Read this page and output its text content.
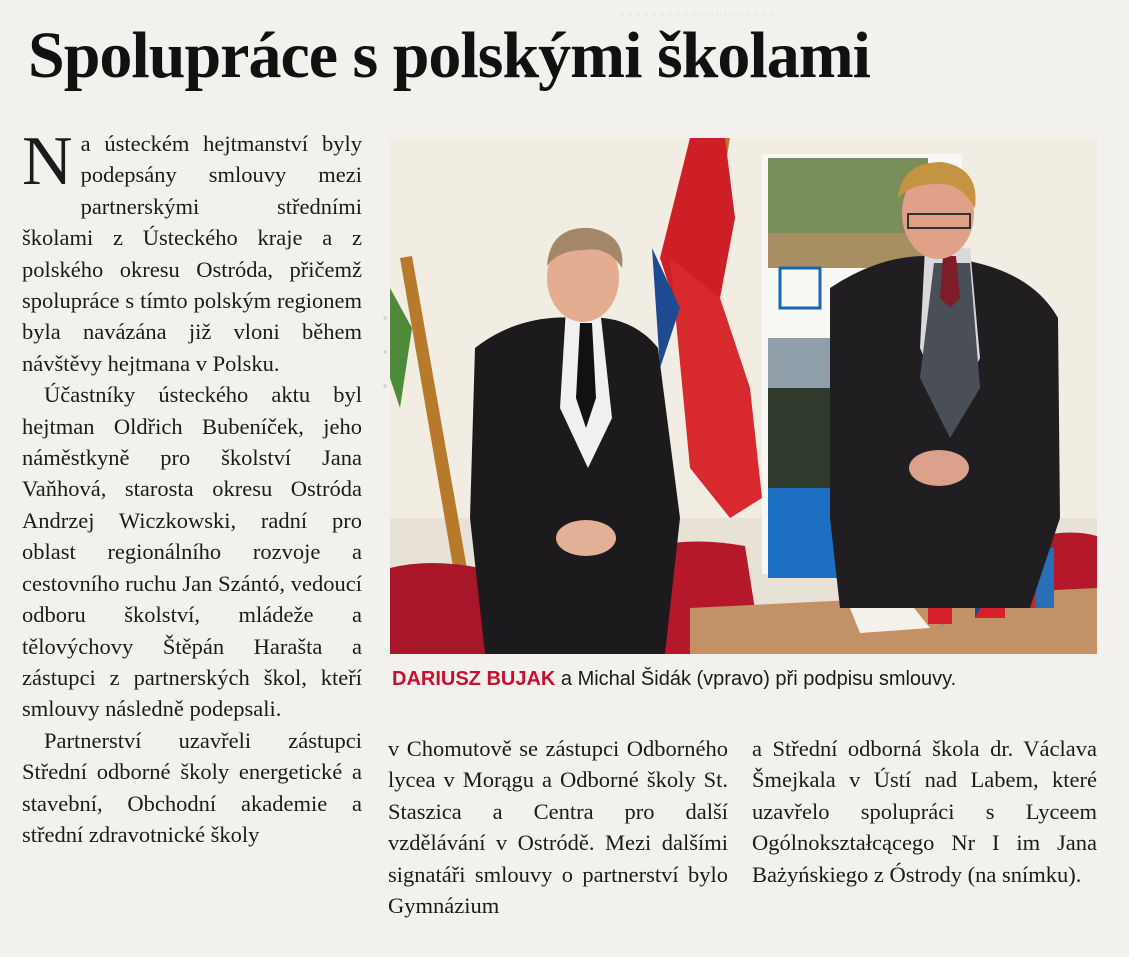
· · · · · · · · · · · · · · · · · · · ·
· ·
· · ·
Spolupráce s polskými školami

Na ústeckém hejtmanství byly podepsány smlouvy mezi partnerskými středními školami z Ústeckého kraje a z polského okresu Ostróda, přičemž spolupráce s tímto polským regionem byla navázána již vloni během návštěvy hejtmana v Polsku.

Účastníky ústeckého aktu byl hejtman Oldřich Bubeníček, jeho náměstkyně pro školství Jana Vaňhová, starosta okresu Ostróda Andrzej Wiczkowski, radní pro oblast regionálního rozvoje a cestovního ruchu Jan Szántó, vedoucí odboru školství, mládeže a tělovýchovy Štěpán Harašta a zástupci z partnerských škol, kteří smlouvy následně podepsali.

Partnerství uzavřeli zástupci Střední odborné školy energetické a stavební, Obchodní akademie a střední zdravotnické školy

DARIUSZ BUJAK a Michal Šidák (vpravo) při podpisu smlouvy.

v Chomutově se zástupci Odborného lycea v Morągu a Odborné školy St. Staszica a Centra pro další vzdělávání v Ostródě. Mezi dalšími signatáři smlouvy o partnerství bylo Gymnázium

a Střední odborná škola dr. Václava Šmejkala v Ústí nad Labem, které uzavřelo spolupráci s Lyceem Ogólnokształcącego Nr I im Jana Bażyńskiego z Óstrody (na snímku).
